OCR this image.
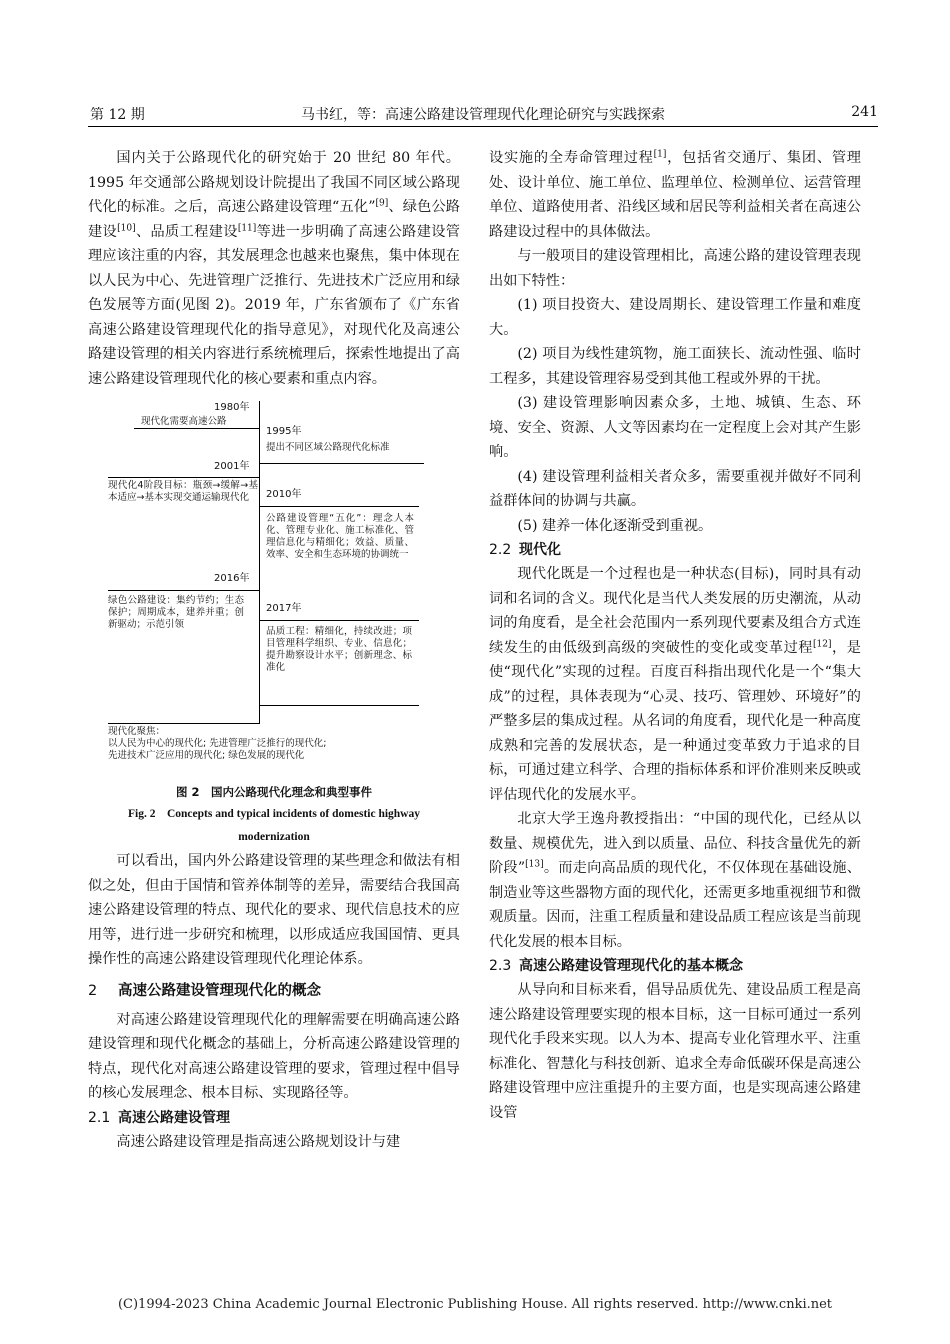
第 12 期	马书红，等：高速公路建设管理现代化理论研究与实践探索	241

国内关于公路现代化的研究始于 20 世纪 80 年代。1995 年交通部公路规划设计院提出了我国不同区域公路现代化的标准。之后，高速公路建设管理“五化”[9]、绿色公路建设[10]、品质工程建设[11]等进一步明确了高速公路建设管理应该注重的内容，其发展理念也越来也聚焦，集中体现在以人民为中心、先进管理广泛推行、先进技术广泛应用和绿色发展等方面(见图 2)。2019 年，广东省颁布了《广东省高速公路建设管理现代化的指导意见》，对现代化及高速公路建设管理的相关内容进行系统梳理后，探索性地提出了高速公路建设管理现代化的核心要素和重点内容。

1980年
现代化需要高速公路
1995年
提出不同区域公路现代化标准
2001年
现代化4阶段目标：瓶颈→缓解→基本适应→基本实现交通运输现代化	2010年
公路建设管理“五化”：理念人本化、管理专业化、施工标准化、管理信息化与精细化；效益、质量、效率、安全和生态环境的协调统一
2016年
绿色公路建设：集约节约；生态保护；周期成本，建养并重；创新驱动；示范引领
2017年
品质工程：精细化，持续改进；项目管理科学组织、专业、信息化；提升勘察设计水平；创新理念、标准化
现代化聚焦：
以人民为中心的现代化; 先进管理广泛推行的现代化;
先进技术广泛应用的现代化; 绿色发展的现代化
图 2　国内公路现代化理念和典型事件
Fig. 2　Concepts and typical incidents of domestic highway
modernization

可以看出，国内外公路建设管理的某些理念和做法有相似之处，但由于国情和管养体制等的差异，需要结合我国高速公路建设管理的特点、现代化的要求、现代信息技术的应用等，进行进一步研究和梳理，以形成适应我国国情、更具操作性的高速公路建设管理现代化理论体系。

2 高速公路建设管理现代化的概念

对高速公路建设管理现代化的理解需要在明确高速公路建设管理和现代化概念的基础上，分析高速公路建设管理的特点，现代化对高速公路建设管理的要求，管理过程中倡导的核心发展理念、根本目标、实现路径等。

2.1 高速公路建设管理

高速公路建设管理是指高速公路规划设计与建

设实施的全寿命管理过程[1]，包括省交通厅、集团、管理处、设计单位、施工单位、监理单位、检测单位、运营管理单位、道路使用者、沿线区域和居民等利益相关者在高速公路建设过程中的具体做法。

与一般项目的建设管理相比，高速公路的建设管理表现出如下特性：

(1) 项目投资大、建设周期长、建设管理工作量和难度大。

(2) 项目为线性建筑物，施工面狭长、流动性强、临时工程多，其建设管理容易受到其他工程或外界的干扰。

(3) 建设管理影响因素众多，土地、城镇、生态、环境、安全、资源、人文等因素均在一定程度上会对其产生影响。

(4) 建设管理利益相关者众多，需要重视并做好不同利益群体间的协调与共赢。

(5) 建养一体化逐渐受到重视。

2.2 现代化

现代化既是一个过程也是一种状态(目标)，同时具有动词和名词的含义。现代化是当代人类发展的历史潮流，从动词的角度看，是全社会范围内一系列现代要素及组合方式连续发生的由低级到高级的突破性的变化或变革过程[12]，是使“现代化”实现的过程。百度百科指出现代化是一个“集大成”的过程，具体表现为“心灵、技巧、管理妙、环境好”的严整多层的集成过程。从名词的角度看，现代化是一种高度成熟和完善的发展状态，是一种通过变革致力于追求的目标，可通过建立科学、合理的指标体系和评价准则来反映或评估现代化的发展水平。

北京大学王逸舟教授指出：“中国的现代化，已经从以数量、规模优先，进入到以质量、品位、科技含量优先的新阶段”[13]。而走向高品质的现代化，不仅体现在基础设施、制造业等这些器物方面的现代化，还需更多地重视细节和微观质量。因而，注重工程质量和建设品质工程应该是当前现代化发展的根本目标。

2.3 高速公路建设管理现代化的基本概念

从导向和目标来看，倡导品质优先、建设品质工程是高速公路建设管理要实现的根本目标，这一目标可通过一系列现代化手段来实现。以人为本、提高专业化管理水平、注重标准化、智慧化与科技创新、追求全寿命低碳环保是高速公路建设管理中应注重提升的主要方面，也是实现高速公路建设管

(C)1994-2023 China Academic Journal Electronic Publishing House. All rights reserved. http://www.cnki.net
